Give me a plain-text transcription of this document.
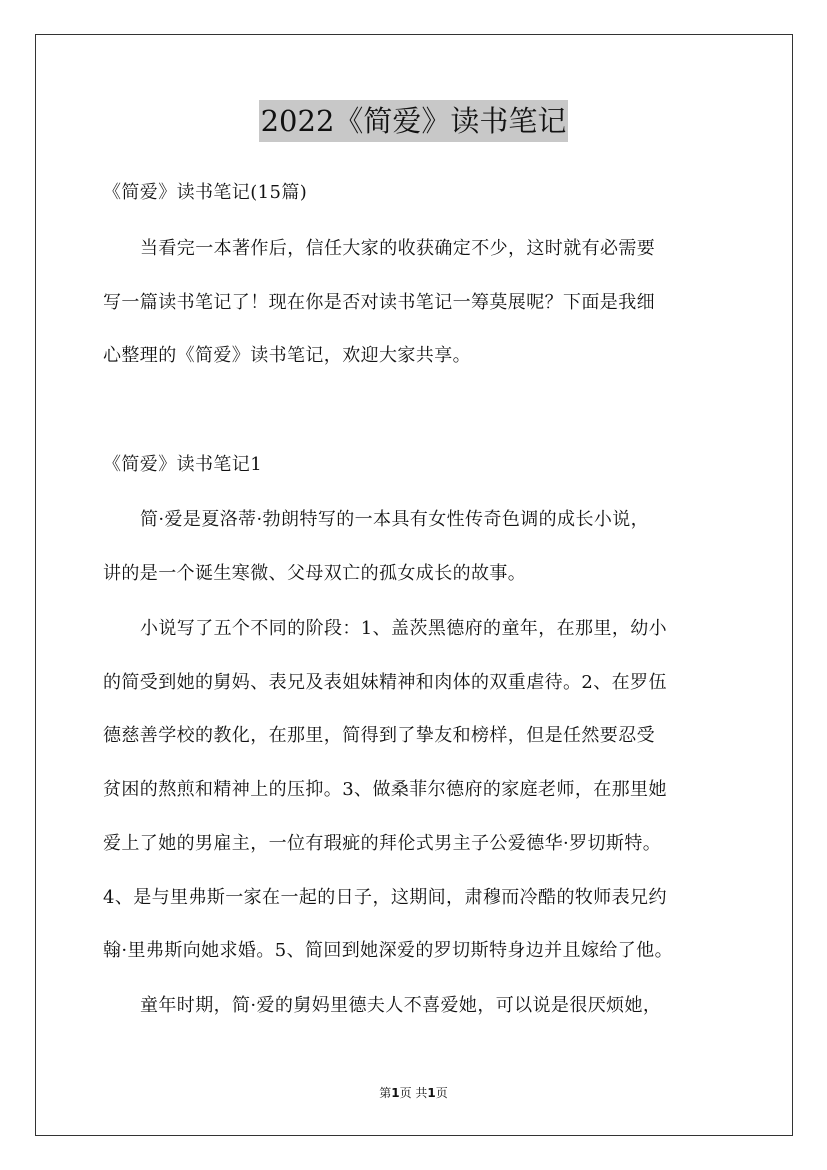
2022《简爱》读书笔记
《简爱》读书笔记(15篇)
当看完一本著作后，信任大家的收获确定不少，这时就有必需要
写一篇读书笔记了！现在你是否对读书笔记一筹莫展呢？下面是我细
心整理的《简爱》读书笔记，欢迎大家共享。
《简爱》读书笔记1
简·爱是夏洛蒂·勃朗特写的一本具有女性传奇色调的成长小说，
讲的是一个诞生寒微、父母双亡的孤女成长的故事。
小说写了五个不同的阶段：1、盖茨黑德府的童年，在那里，幼小
的简受到她的舅妈、表兄及表姐妹精神和肉体的双重虐待。2、在罗伍
德慈善学校的教化，在那里，简得到了挚友和榜样，但是任然要忍受
贫困的熬煎和精神上的压抑。3、做桑菲尔德府的家庭老师，在那里她
爱上了她的男雇主，一位有瑕疵的拜伦式男主子公爱德华·罗切斯特。
4、是与里弗斯一家在一起的日子，这期间，肃穆而冷酷的牧师表兄约
翰·里弗斯向她求婚。5、简回到她深爱的罗切斯特身边并且嫁给了他。
童年时期，简·爱的舅妈里德夫人不喜爱她，可以说是很厌烦她，
第1页 共1页
